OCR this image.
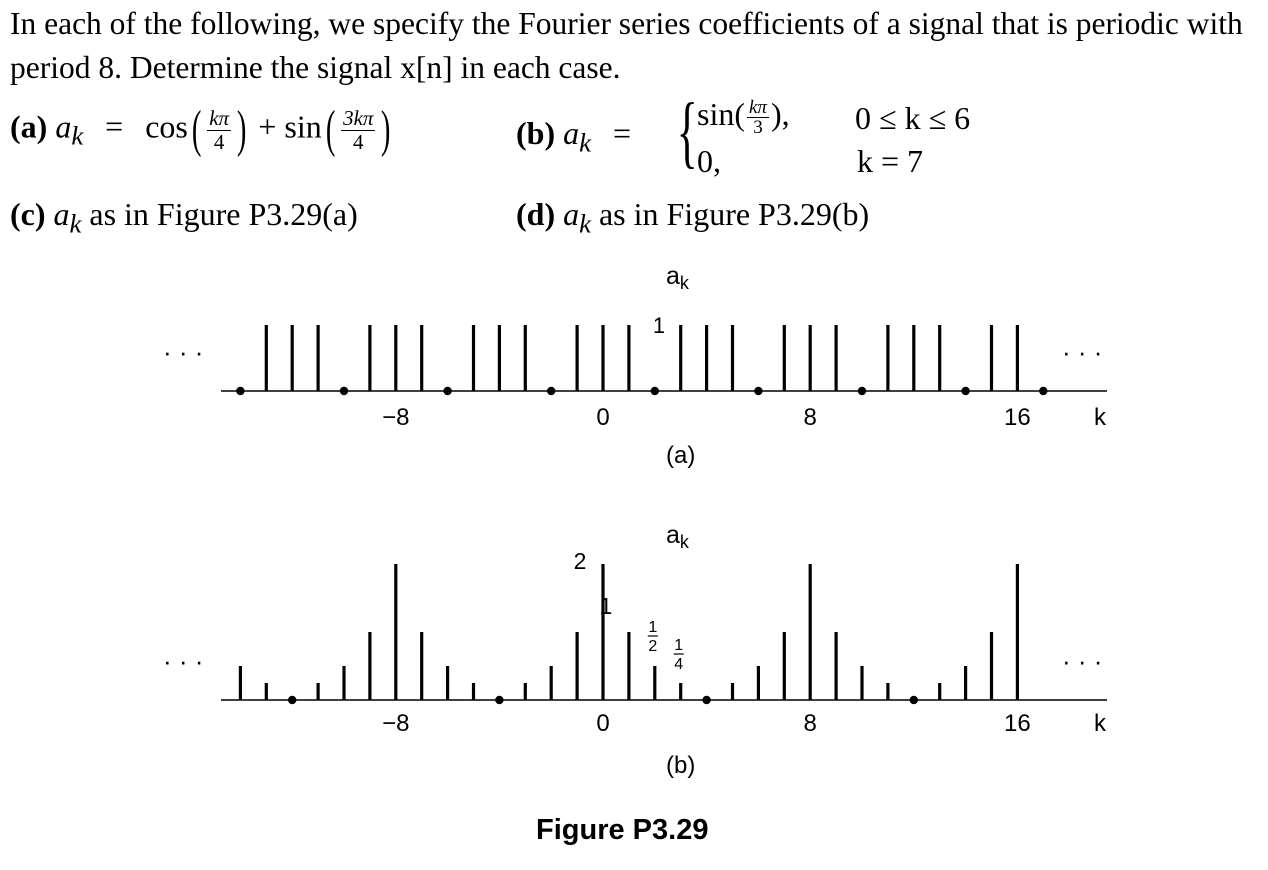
In each of the following, we specify the Fourier series coefficients of a signal that is periodic with period 8. Determine the signal x[n] in each case.
(a) $a_k = \cos( \frac{k\pi}{4}$ ) + $\sin( \frac{3k\pi}{4}$ )	(b) $a_k$ = { $\sin( \frac{k\pi}{3}$ ), 0 ≤ k ≤ 6
0,	k = 7
(c) $a_k$ as in Figure P3.29(a)	(d) $a_k$ as in Figure P3.29(b)
−8	0	8	16	k
$a_k$
· · ·	· · ·
(a)
1
−8	0	8	16	k
$a_k$
· · ·	· · ·
(b)
2
1
1
2 1
4
Figure P3.29
